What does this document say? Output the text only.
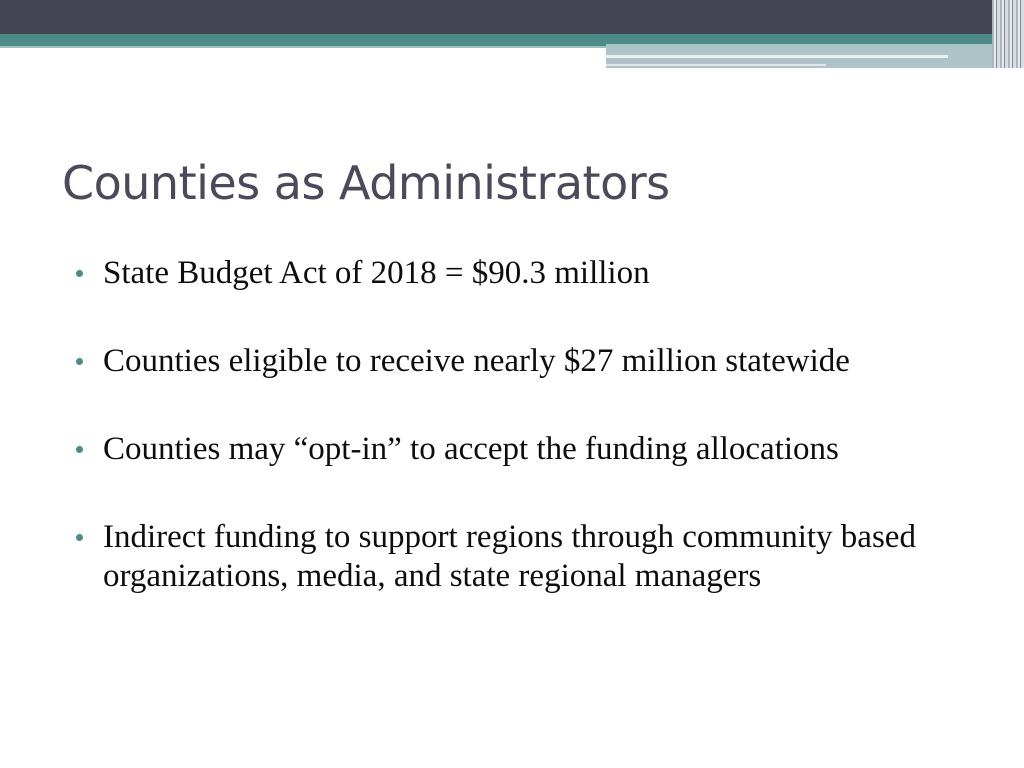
Counties as Administrators
State Budget Act of 2018 = $90.3 million
Counties eligible to receive nearly $27 million statewide
Counties may “opt-in” to accept the funding allocations
Indirect funding to support regions through community based organizations, media, and state regional managers
